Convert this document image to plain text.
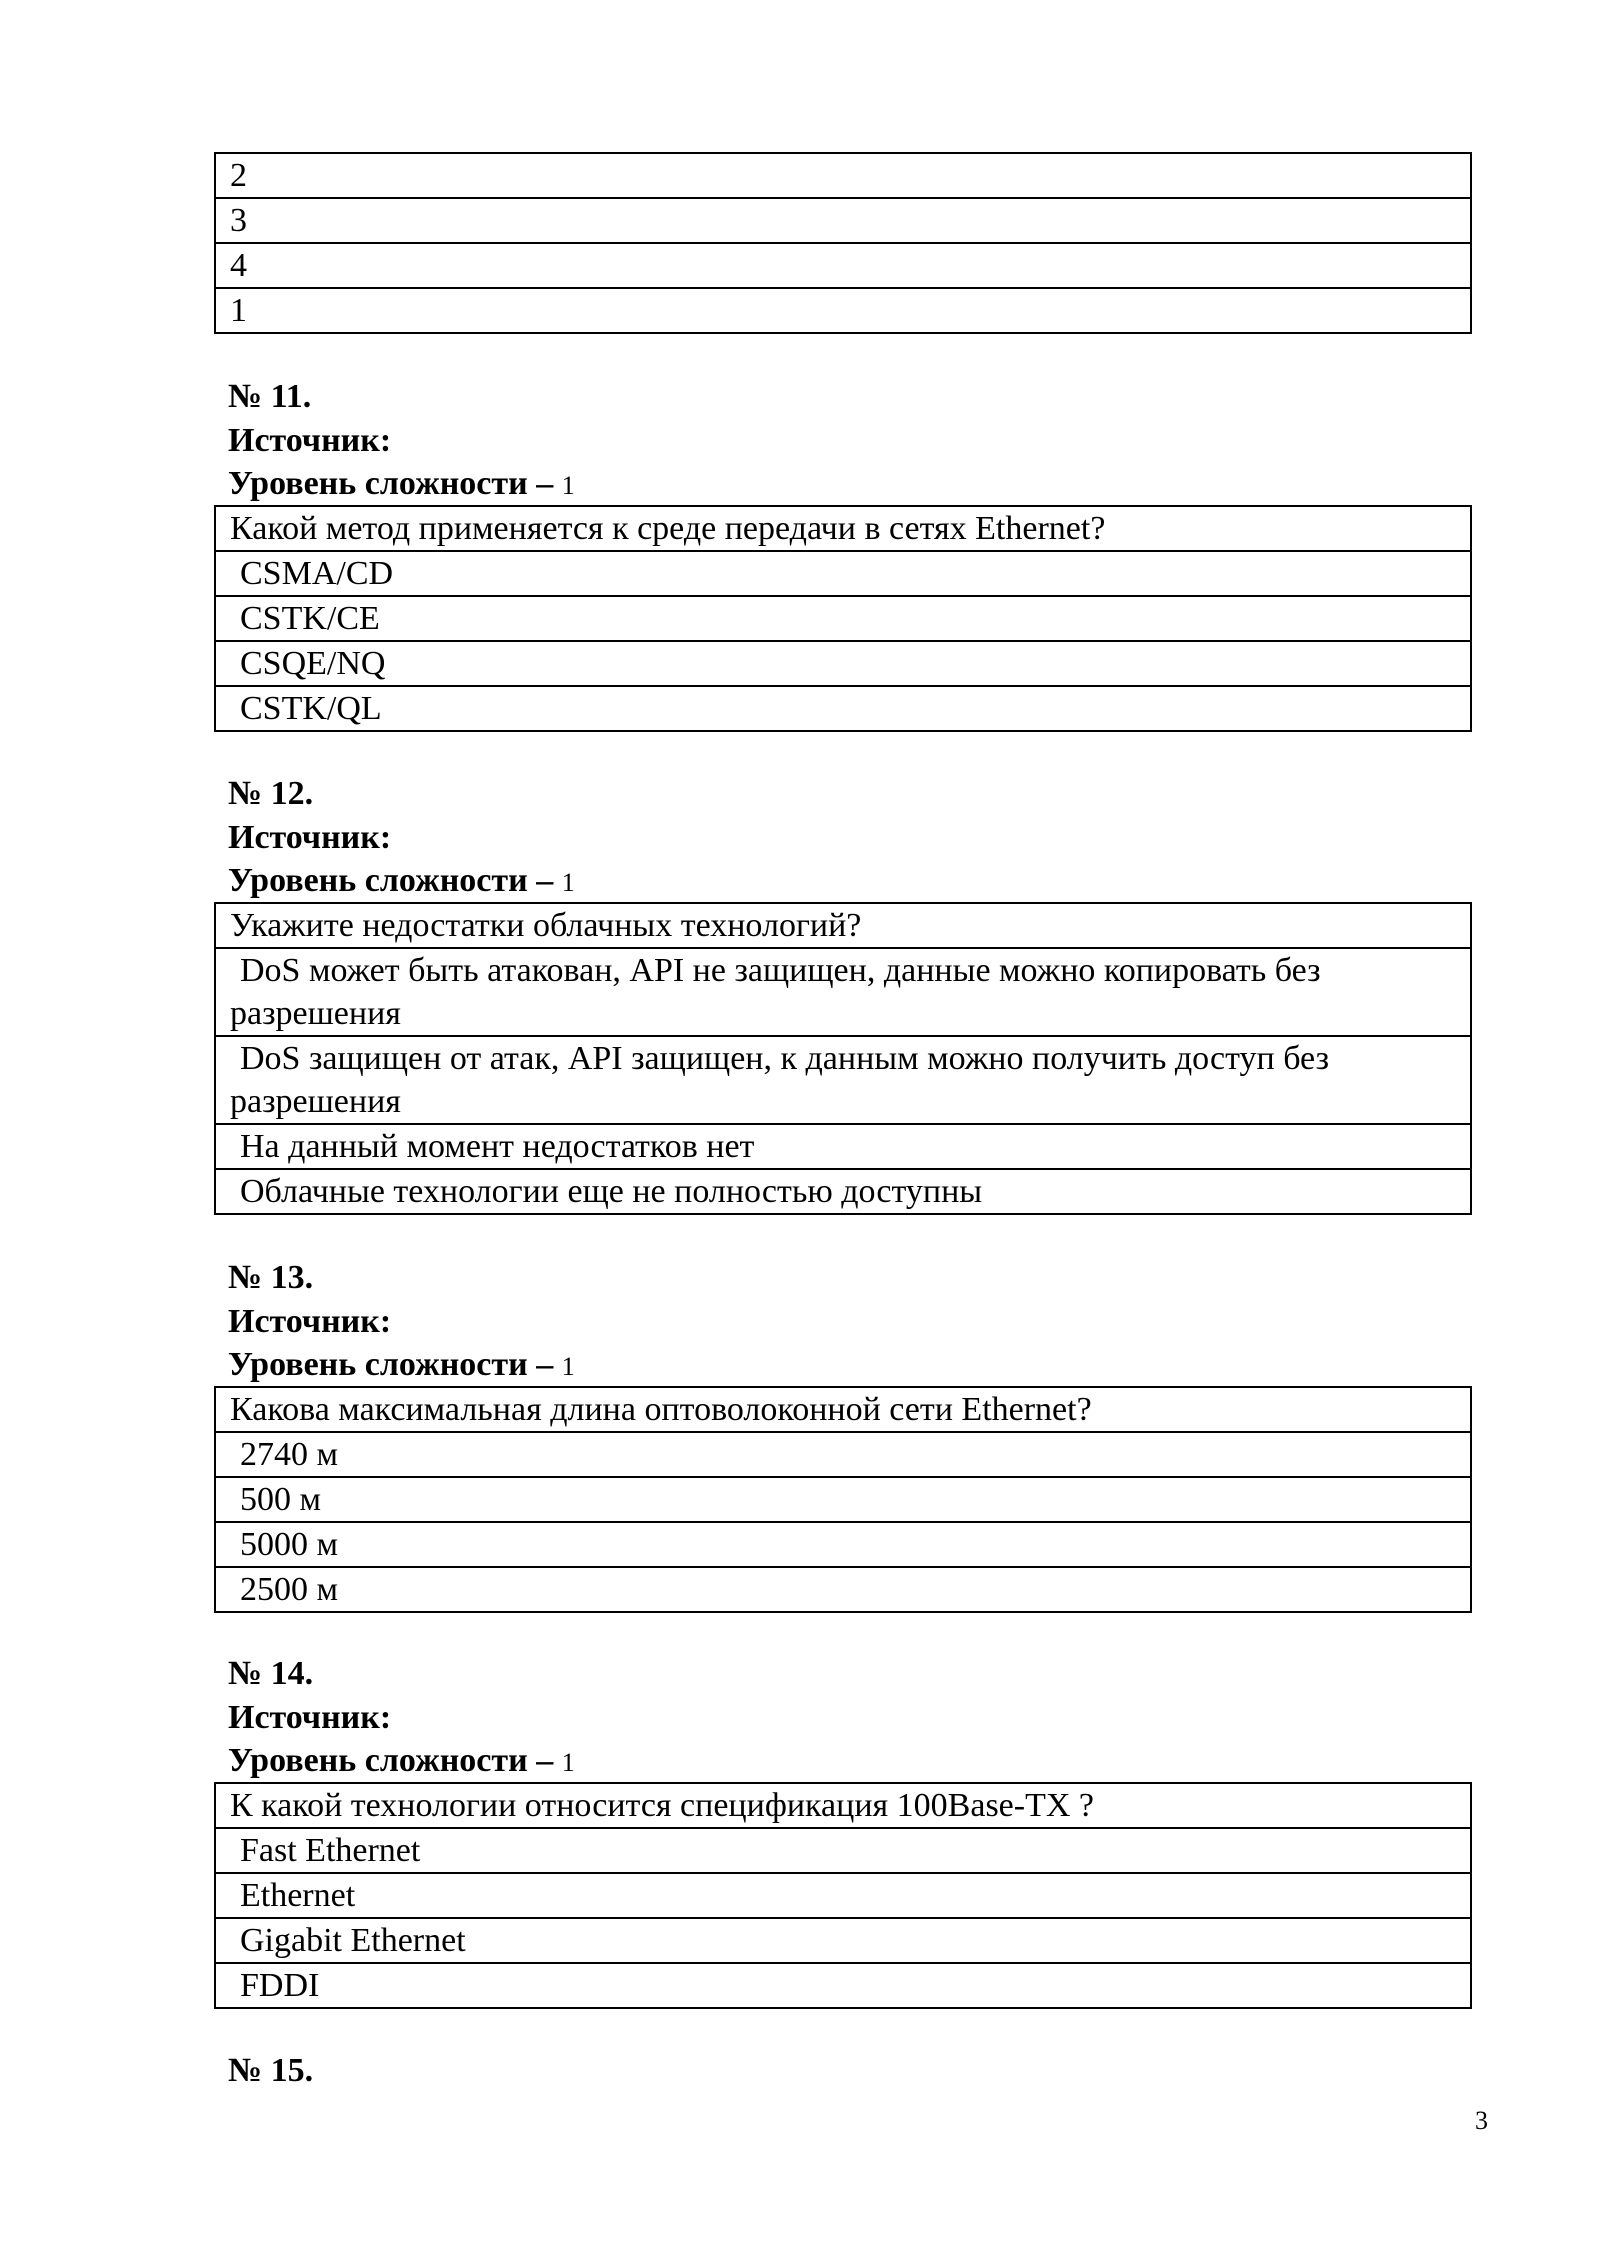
2
3
4
1
№ 11.
Источник:
Уровень сложности – 1
Какой метод применяется к среде передачи в сетях Ethernet?
CSMA/CD
CSTK/CE
CSQE/NQ
CSTK/QL
№ 12.
Источник:
Уровень сложности – 1
Укажите недостатки облачных технологий?
DoS может быть атакован, API не защищен, данные можно копировать без разрешения
DoS защищен от атак, API защищен, к данным можно получить доступ без разрешения
На данный момент недостатков нет
Облачные технологии еще не полностью доступны
№ 13.
Источник:
Уровень сложности – 1
Какова максимальная длина оптоволоконной сети Ethernet?
2740 м
500 м
5000 м
2500 м
№ 14.
Источник:
Уровень сложности – 1
К какой технологии относится спецификация 100Base-TX ?
Fast Ethernet
Ethernet
Gigabit Ethernet
FDDI
№ 15.
3
